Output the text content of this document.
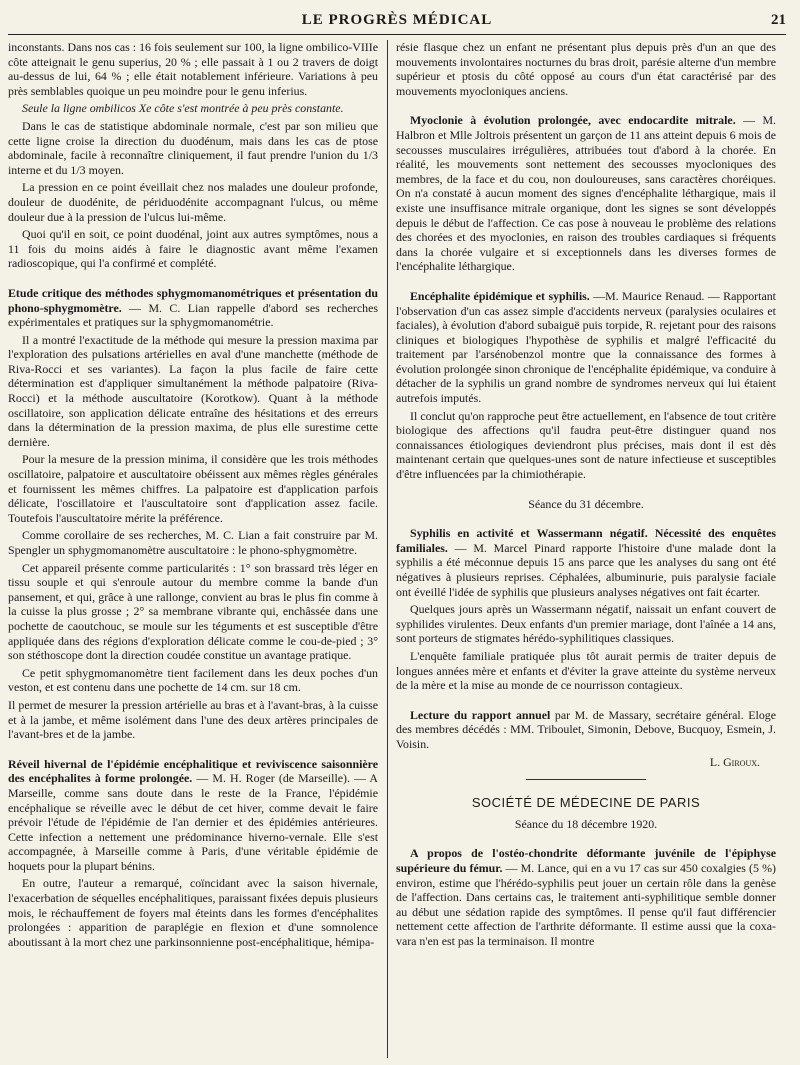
LE PROGRÈS MÉDICAL	21

inconstants. Dans nos cas : 16 fois seulement sur 100, la ligne ombilico-VIIIe côte atteignait le genu superius, 20 % ; elle passait à 1 ou 2 travers de doigt au-dessus de lui, 64 % ; elle était notablement inférieure. Variations à peu près semblables quoique un peu moindre pour le genu inferius.

Seule la ligne ombilicos Xe côte s'est montrée à peu près constante.

Dans le cas de statistique abdominale normale, c'est par son milieu que cette ligne croise la direction du duodénum, mais dans les cas de ptose abdominale, facile à reconnaître cliniquement, il faut prendre l'union du 1/3 interne et du 1/3 moyen.

La pression en ce point éveillait chez nos malades une douleur profonde, douleur de duodénite, de périduodénite accompagnant l'ulcus, ou même douleur due à la pression de l'ulcus lui-même.

Quoi qu'il en soit, ce point duodénal, joint aux autres symptômes, nous a 11 fois du moins aidés à faire le diagnostic avant même l'examen radioscopique, qui l'a confirmé et complété.

Etude critique des méthodes sphygmomanométriques et présentation du phono-sphygmomètre. — M. C. Lian rappelle d'abord ses recherches expérimentales et pratiques sur la sphygmomanométrie.

Il a montré l'exactitude de la méthode qui mesure la pression maxima par l'exploration des pulsations artérielles en aval d'une manchette (méthode de Riva-Rocci et ses variantes). La façon la plus facile de faire cette détermination est d'appliquer simultanément la méthode palpatoire (Riva-Rocci) et la méthode auscultatoire (Korotkow). Quant à la méthode oscillatoire, son application délicate entraîne des hésitations et des erreurs dans la détermination de la pression maxima, de plus elle surestime cette dernière.

Pour la mesure de la pression minima, il considère que les trois méthodes oscillatoire, palpatoire et auscultatoire obéissent aux mêmes règles générales et fournissent les mêmes chiffres. La palpatoire est d'application parfois délicate, l'oscillatoire et l'auscultatoire sont d'application assez facile. Toutefois l'auscultatoire mérite la préférence.

Comme corollaire de ses recherches, M. C. Lian a fait construire par M. Spengler un sphygmomanomètre auscultatoire : le phono-sphygmomètre.

Cet appareil présente comme particularités : 1° son brassard très léger en tissu souple et qui s'enroule autour du membre comme la bande d'un pansement, et qui, grâce à une rallonge, convient au bras le plus fin comme à la cuisse la plus grosse ; 2° sa membrane vibrante qui, enchâssée dans une pochette de caoutchouc, se moule sur les téguments et est susceptible d'être appliquée dans des régions d'exploration délicate comme le cou-de-pied ; 3° son stéthoscope dont la direction coudée constitue un avantage pratique.

Ce petit sphygmomanomètre tient facilement dans les deux poches d'un veston, et est contenu dans une pochette de 14 cm. sur 18 cm.

Il permet de mesurer la pression artérielle au bras et à l'avant-bras, à la cuisse et à la jambe, et même isolément dans l'une des deux artères principales de l'avant-bres et de la jambe.

Réveil hivernal de l'épidémie encéphalitique et reviviscence saisonnière des encéphalites à forme prolongée. — M. H. Roger (de Marseille). — A Marseille, comme sans doute dans le reste de la France, l'épidémie encéphalique se réveille avec le début de cet hiver, comme devait le faire prévoir l'étude de l'épidémie de l'an dernier et des épidémies antérieures. Cette infection a nettement une prédominance hiverno-vernale. Elle s'est accompagnée, à Marseille comme à Paris, d'une véritable épidémie de hoquets pour la plupart bénins.

En outre, l'auteur a remarqué, coïncidant avec la saison hivernale, l'exacerbation de séquelles encéphalitiques, paraissant fixées depuis plusieurs mois, le réchauffement de foyers mal éteints dans les formes d'encéphalites prolongées : apparition de paraplégie en flexion et d'une somnolence aboutissant à la mort chez une parkinsonnienne post-encéphalitique, hémipa-

résie flasque chez un enfant ne présentant plus depuis près d'un an que des mouvements involontaires nocturnes du bras droit, parésie alterne d'un membre supérieur et ptosis du côté opposé au cours d'un état caractérisé par des mouvements myocloniques anciens.

Myoclonie à évolution prolongée, avec endocardite mitrale. — M. Halbron et Mlle Joltrois présentent un garçon de 11 ans atteint depuis 6 mois de secousses musculaires irrégulières, attribuées tout d'abord à la chorée. En réalité, les mouvements sont nettement des secousses myocloniques des membres, de la face et du cou, non douloureuses, sans caractères choréiques. On n'a constaté à aucun moment des signes d'encéphalite léthargique, mais il existe une insuffisance mitrale organique, dont les signes se sont développés depuis le début de l'affection. Ce cas pose à nouveau le problème des relations des chorées et des myoclonies, en raison des troubles cardiaques si fréquents dans la chorée vulgaire et si exceptionnels dans les diverses formes de l'encéphalite léthargique.

Encéphalite épidémique et syphilis. —M. Maurice Renaud. — Rapportant l'observation d'un cas assez simple d'accidents nerveux (paralysies oculaires et faciales), à évolution d'abord subaiguë puis torpide, R. rejetant pour des raisons cliniques et biologiques l'hypothèse de syphilis et malgré l'efficacité du traitement par l'arsénobenzol montre que la connaissance des formes à évolution prolongée sinon chronique de l'encéphalite épidémique, va conduire à détacher de la syphilis un grand nombre de syndromes nerveux qui lui étaient autrefois imputés.

Il conclut qu'on rapproche peut être actuellement, en l'absence de tout critère biologique des affections qu'il faudra peut-être distinguer quand nos connaissances étiologiques deviendront plus précises, mais dont il est dès maintenant certain que quelques-unes sont de nature infectieuse et susceptibles d'être influencées par la chimiothérapie.

Séance du 31 décembre.

Syphilis en activité et Wassermann négatif. Nécessité des enquêtes familiales. — M. Marcel Pinard rapporte l'histoire d'une malade dont la syphilis a été méconnue depuis 15 ans parce que les analyses du sang ont été négatives à plusieurs reprises. Céphalées, albuminurie, puis paralysie faciale ont éveillé l'idée de syphilis que plusieurs analyses négatives ont fait écarter.

Quelques jours après un Wassermann négatif, naissait un enfant couvert de syphilides virulentes. Deux enfants d'un premier mariage, dont l'aînée a 14 ans, sont porteurs de stigmates hérédo-syphilitiques classiques.

L'enquête familiale pratiquée plus tôt aurait permis de traiter depuis de longues années mère et enfants et d'éviter la grave atteinte du système nerveux de la mère et la mise au monde de ce nourrisson contagieux.

Lecture du rapport annuel par M. de Massary, secrétaire général. Eloge des membres décédés : MM. Triboulet, Simonin, Debove, Bucquoy, Esmein, J. Voisin.

L. Giroux.

SOCIÉTÉ DE MÉDECINE DE PARIS

Séance du 18 décembre 1920.

A propos de l'ostéo-chondrite déformante juvénile de l'épiphyse supérieure du fémur. — M. Lance, qui en a vu 17 cas sur 450 coxalgies (5 %) environ, estime que l'hérédo-syphilis peut jouer un certain rôle dans la genèse de l'affection. Dans certains cas, le traitement anti-syphilitique semble donner au début une sédation rapide des symptômes. Il pense qu'il faut différencier nettement cette affection de l'arthrite déformante. Il estime aussi que la coxa-vara n'en est pas la terminaison. Il montre
